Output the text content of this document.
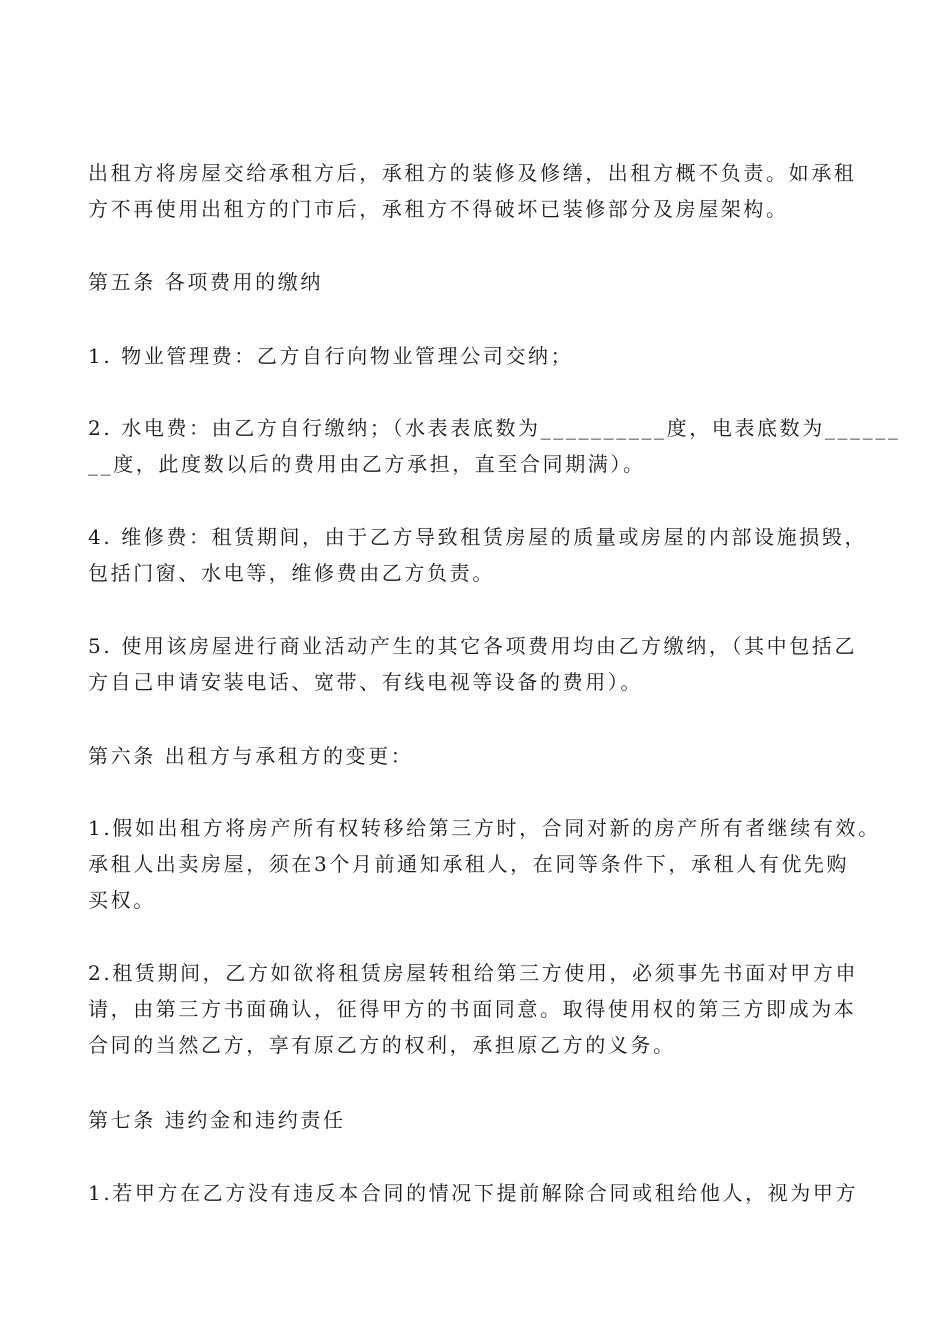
出租方将房屋交给承租方后，承租方的装修及修缮，出租方概不负责。如承租
方不再使用出租方的门市后，承租方不得破坏已装修部分及房屋架构。
第五条 各项费用的缴纳
1. 物业管理费：乙方自行向物业管理公司交纳；
2. 水电费：由乙方自行缴纳；（水表表底数为__________度，电表底数为______
__度，此度数以后的费用由乙方承担，直至合同期满）。
4. 维修费：租赁期间，由于乙方导致租赁房屋的质量或房屋的内部设施损毁，
包括门窗、水电等，维修费由乙方负责。
5. 使用该房屋进行商业活动产生的其它各项费用均由乙方缴纳，（其中包括乙
方自己申请安装电话、宽带、有线电视等设备的费用）。
第六条 出租方与承租方的变更：
1.假如出租方将房产所有权转移给第三方时，合同对新的房产所有者继续有效。
承租人出卖房屋，须在3个月前通知承租人，在同等条件下，承租人有优先购
买权。
2.租赁期间，乙方如欲将租赁房屋转租给第三方使用，必须事先书面对甲方申
请，由第三方书面确认，征得甲方的书面同意。取得使用权的第三方即成为本
合同的当然乙方，享有原乙方的权利，承担原乙方的义务。
第七条 违约金和违约责任
1.若甲方在乙方没有违反本合同的情况下提前解除合同或租给他人，视为甲方
